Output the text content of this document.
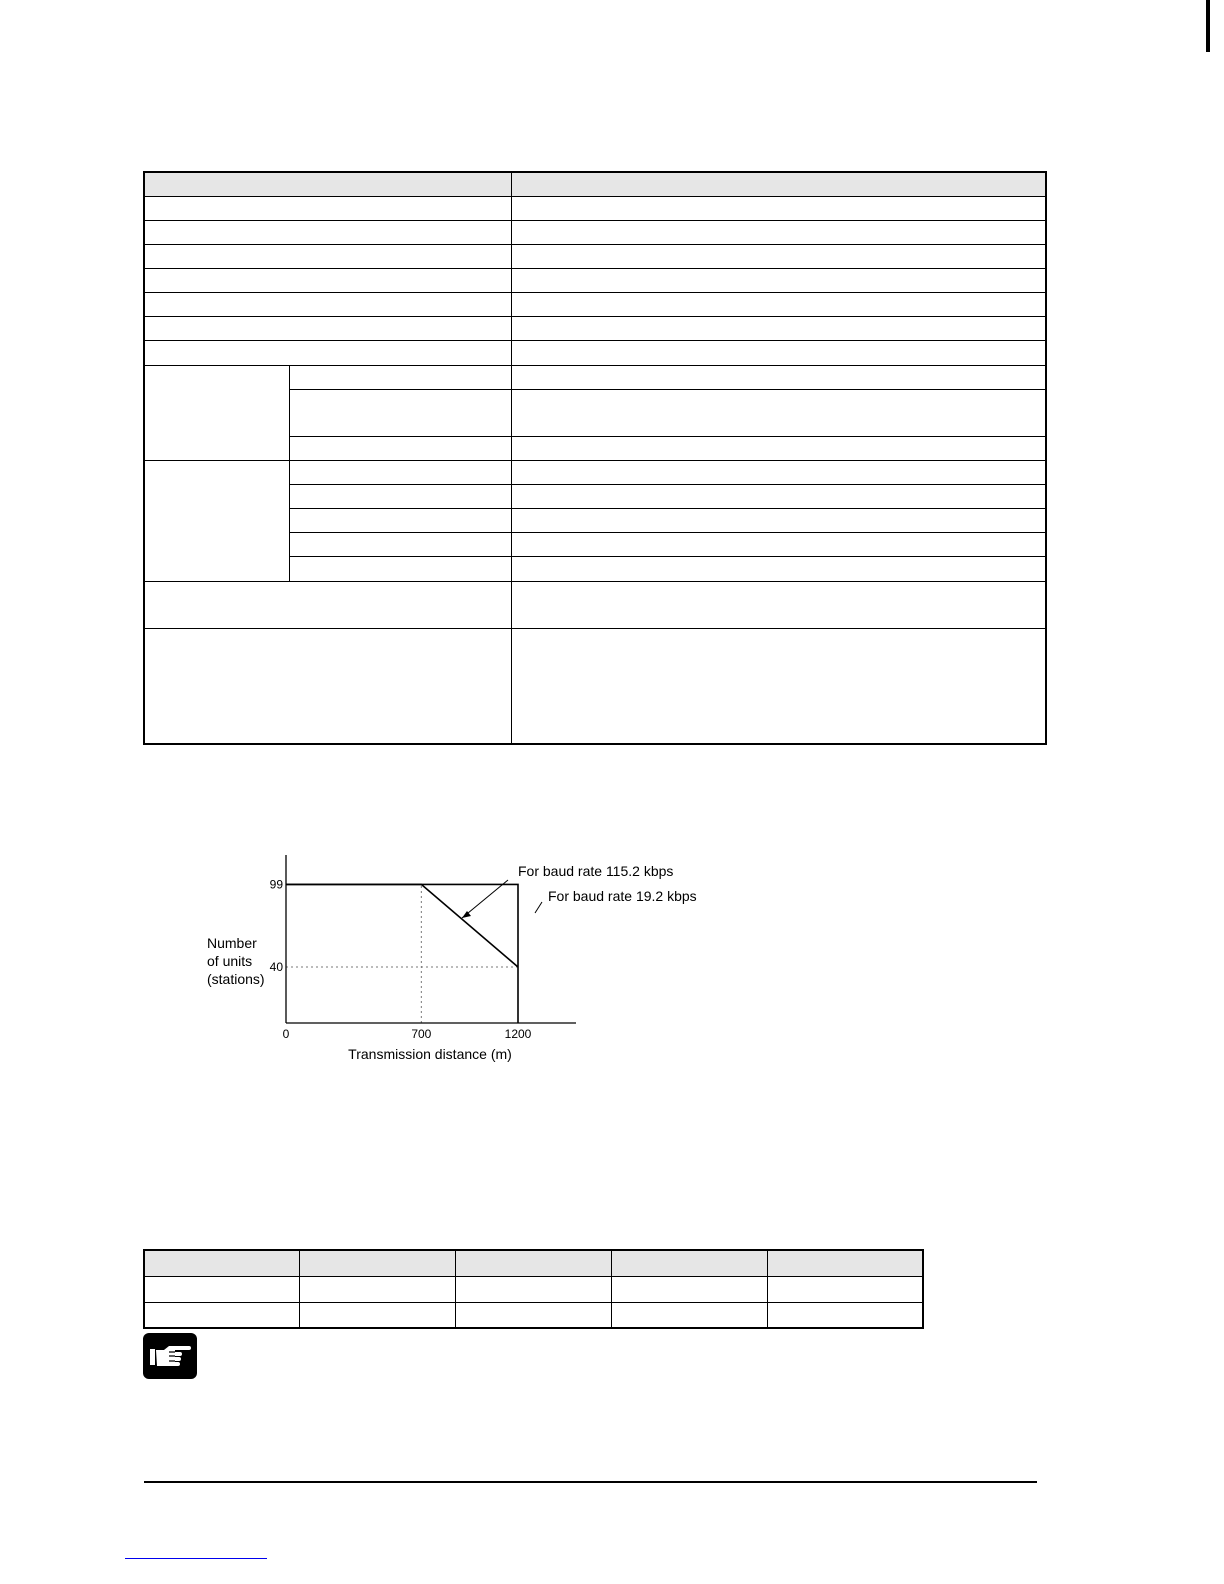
0	700	1200
40
99
Number
of units
(stations)
Transmission distance (m)
For baud rate 115.2 kbps
For baud rate 19.2 kbps
